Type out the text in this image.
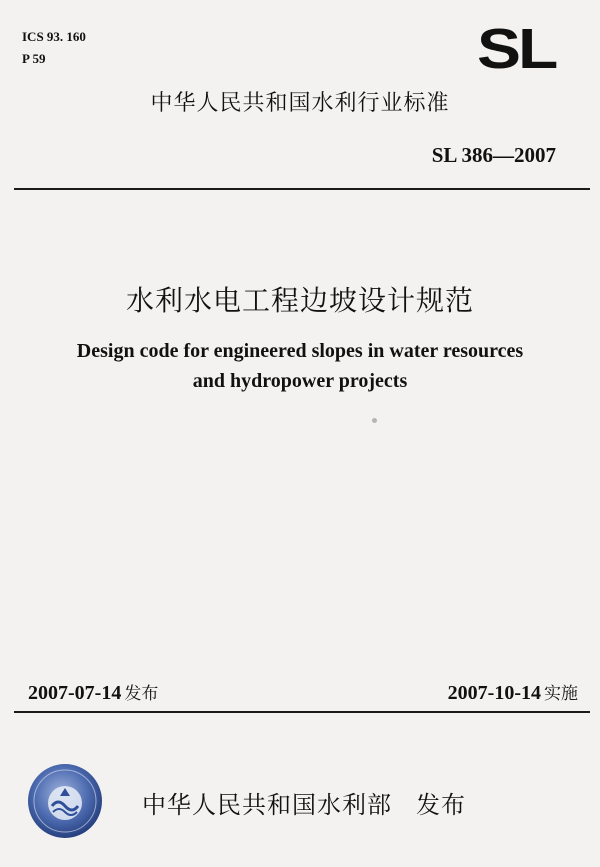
ICS 93. 160
P 59	SL
中华人民共和国水利行业标准
SL 386—2007
水利水电工程边坡设计规范
Design code for engineered slopes in water resources
and hydropower projects
2007-07-14 发布	2007-10-14 实施
中华人民共和国水利部 发布
